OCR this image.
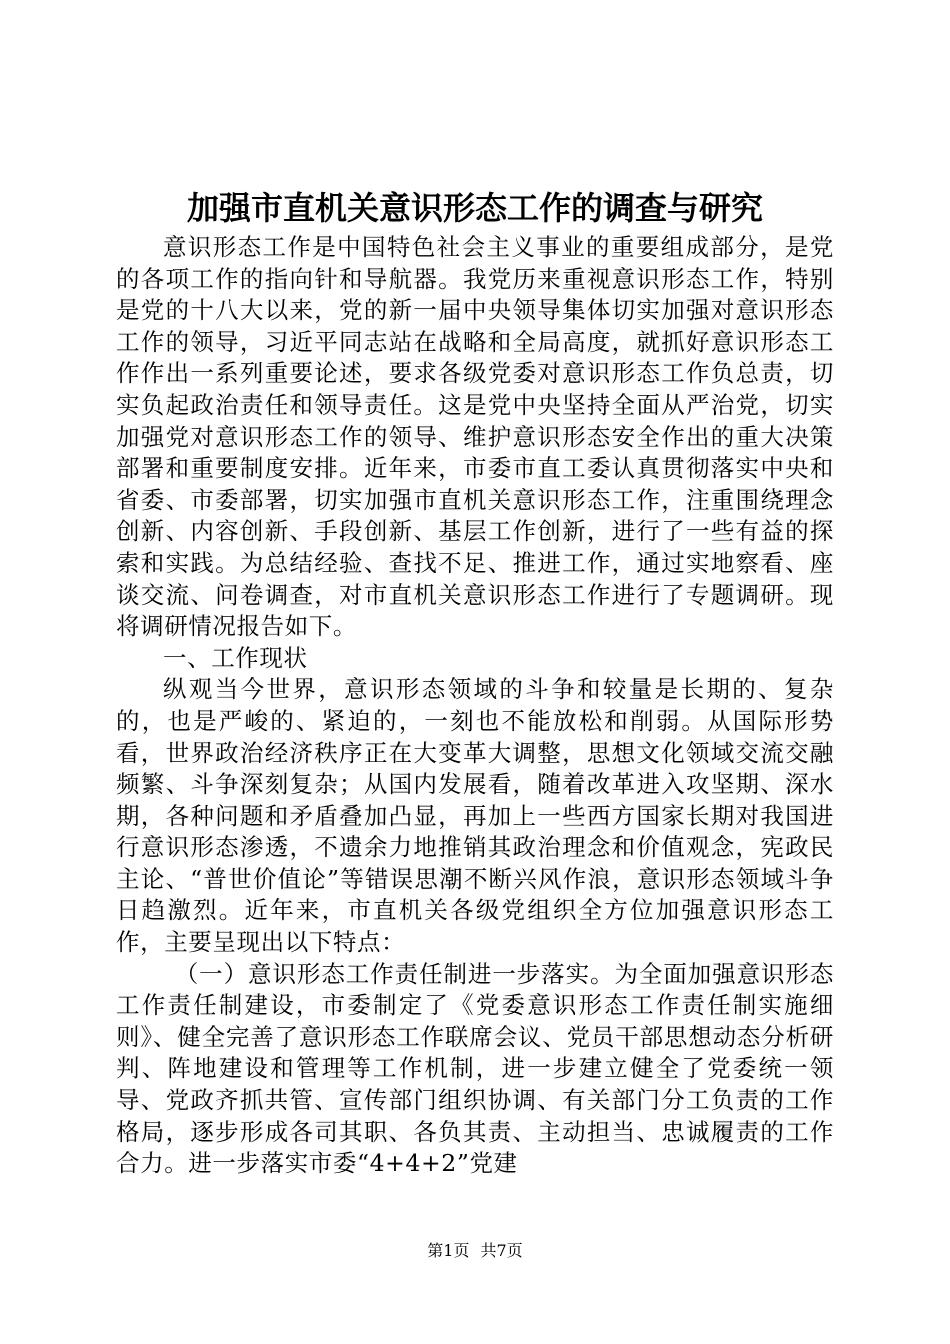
加强市直机关意识形态工作的调查与研究

意识形态工作是中国特色社会主义事业的重要组成部分，是党的各项工作的指向针和导航器。我党历来重视意识形态工作，特别是党的十八大以来，党的新一届中央领导集体切实加强对意识形态工作的领导，习近平同志站在战略和全局高度，就抓好意识形态工作作出一系列重要论述，要求各级党委对意识形态工作负总责，切实负起政治责任和领导责任。这是党中央坚持全面从严治党，切实加强党对意识形态工作的领导、维护意识形态安全作出的重大决策部署和重要制度安排。近年来，市委市直工委认真贯彻落实中央和省委、市委部署，切实加强市直机关意识形态工作，注重围绕理念创新、内容创新、手段创新、基层工作创新，进行了一些有益的探索和实践。为总结经验、查找不足、推进工作，通过实地察看、座谈交流、问卷调查，对市直机关意识形态工作进行了专题调研。现将调研情况报告如下。

一、工作现状

纵观当今世界，意识形态领域的斗争和较量是长期的、复杂的，也是严峻的、紧迫的，一刻也不能放松和削弱。从国际形势看，世界政治经济秩序正在大变革大调整，思想文化领域交流交融频繁、斗争深刻复杂；从国内发展看，随着改革进入攻坚期、深水期，各种问题和矛盾叠加凸显，再加上一些西方国家长期对我国进行意识形态渗透，不遗余力地推销其政治理念和价值观念，宪政民主论、“普世价值论”等错误思潮不断兴风作浪，意识形态领域斗争日趋激烈。近年来，市直机关各级党组织全方位加强意识形态工作，主要呈现出以下特点：

（一）意识形态工作责任制进一步落实。为全面加强意识形态工作责任制建设，市委制定了《党委意识形态工作责任制实施细则》、健全完善了意识形态工作联席会议、党员干部思想动态分析研判、阵地建设和管理等工作机制，进一步建立健全了党委统一领导、党政齐抓共管、宣传部门组织协调、有关部门分工负责的工作格局，逐步形成各司其职、各负其责、主动担当、忠诚履责的工作合力。进一步落实市委“4+4+2”党建

第1页 共7页
